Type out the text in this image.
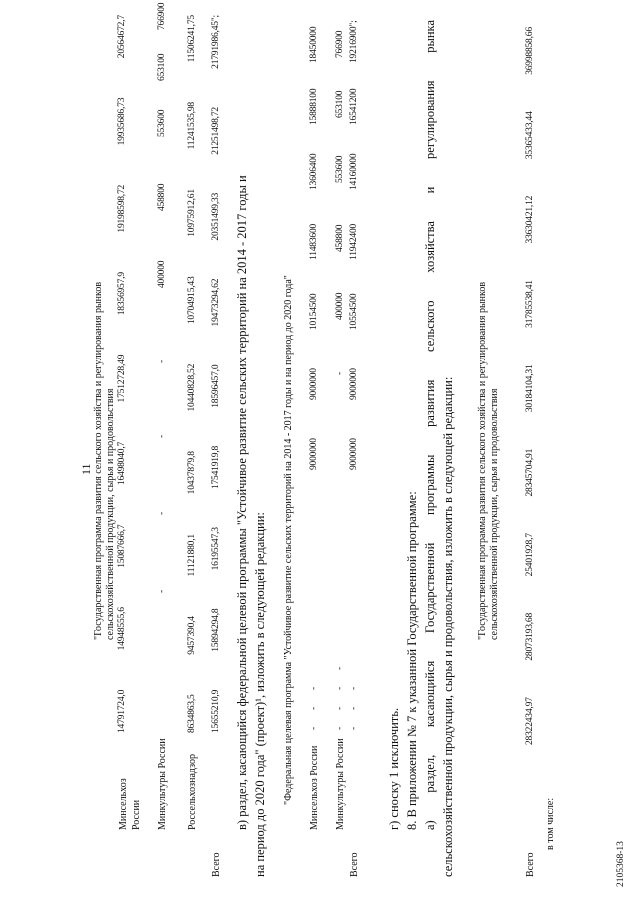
11 "Государственная программа развития сельского хозяйства и регулирования рынков сельскохозяйственной продукции, сырья и продовольствия
Минсельхоз России
14791724,0
14948555,6
15087666,7
16498040,7
17512728,49
18356957,9
19198598,72
19935686,73
20564672,7
Минкультуры России
-
-
-
-
400000
458800
553600
653100
766900
Россельхознадзор
8634863,5
9457390,4
11121880,1
10437879,8
10440828,52
10704915,43
10975912,61
11241535,98
11506241,75
Всего
15655210,9
15894294,8
16195547,3
17541919,8
18596457,0
19473294,62
20351499,33
21251498,72
21791986,45";
в) раздел, касающийся федеральной целевой программы "Устойчивое развитие сельских территорий на 2014 - 2017 годы и на период до 2020 года" (проект)¹, изложить в следующей редакции: "Федеральная целевая программа "Устойчивое развитие сельских территорий на 2014 - 2017 годы и на период до 2020 года" Минсельхоз России
-
-
-
9000000
9000000
10154500
11483600
13606400
15888100
18450000
Минкультуры России
-
-
-
-
-
400000
458800
553600
653100
766900
Всего
-
-
-
9000000
9000000
10554500
11942400
14160000
16541200
19216900";
г) сноску 1 исключить. 8. В приложении № 7 к указанной Государственной программе: а)
раздел,
касающийся
Государственной
программы
развития
сельского
хозяйства
и
регулирования
рынка
сельскохозяйственной продукции, сырья и продовольствия, изложить в следующей редакции: "Государственная программа развития сельского хозяйства и регулирования рынков сельскохозяйственной продукции, сырья и продовольствия
Всего
28322434,97
28073193,68
25401928,7
28345704,91
30184104,31
31785538,41
33630421,12
35365433,44
36998858,66
в том числе:
2105368-13
